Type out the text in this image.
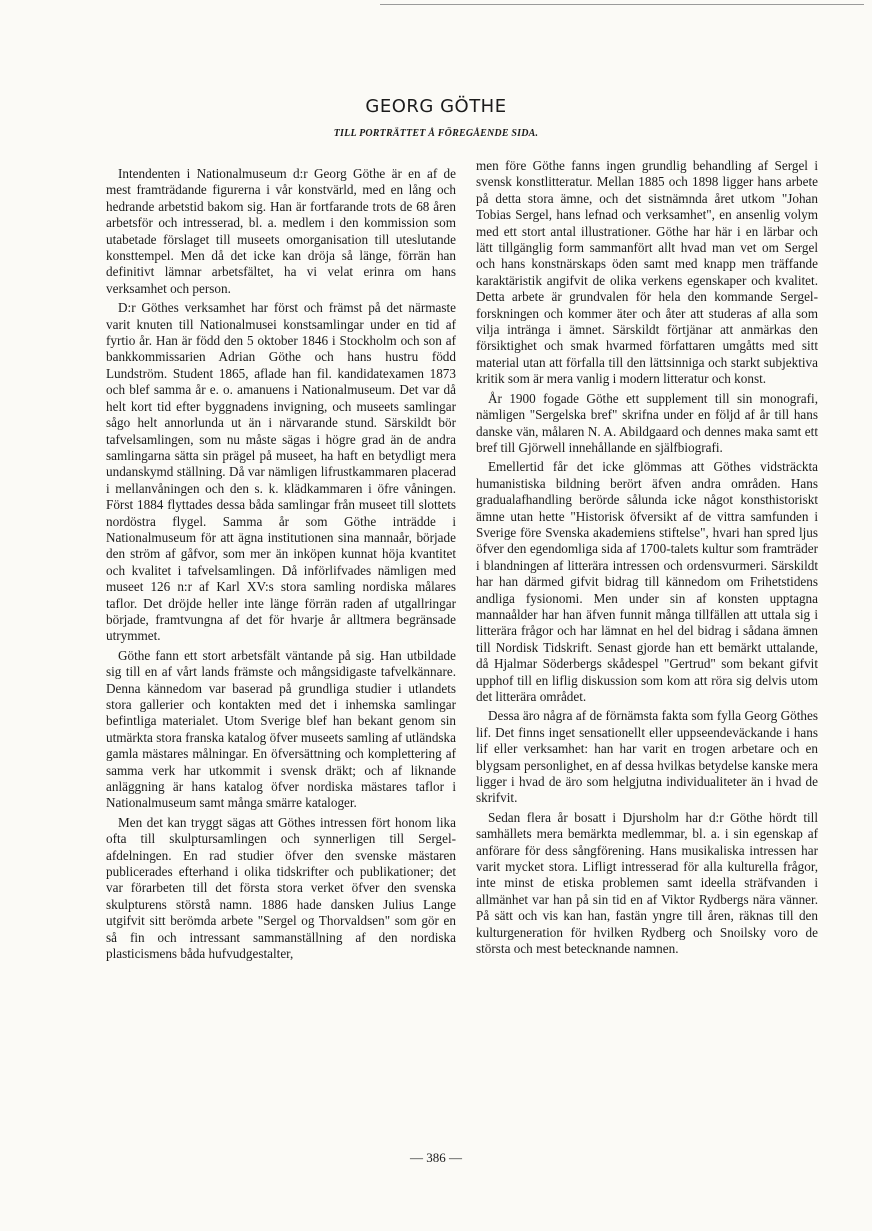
GEORG GÖTHE
TILL PORTRÄTTET Å FÖREGÅENDE SIDA.

Intendenten i Nationalmuseum d:r Georg Göthe är en af de mest framträdande figurerna i vår konstvärld, med en lång och hedrande arbetstid bakom sig. Han är fortfarande trots de 68 åren arbetsför och intresserad, bl. a. medlem i den kommission som utabetade förslaget till museets omorganisation till uteslutande konsttempel. Men då det icke kan dröja så länge, förrän han definitivt lämnar arbetsfältet, ha vi velat erinra om hans verksamhet och person.

D:r Göthes verksamhet har först och främst på det närmaste varit knuten till Nationalmusei konstsamlingar under en tid af fyrtio år. Han är född den 5 oktober 1846 i Stockholm och son af bankkommissarien Adrian Göthe och hans hustru född Lundström. Student 1865, aflade han fil. kandidatexamen 1873 och blef samma år e. o. amanuens i Nationalmuseum. Det var då helt kort tid efter byggnadens invigning, och museets samlingar sågo helt annorlunda ut än i närvarande stund. Särskildt bör tafvelsamlingen, som nu måste sägas i högre grad än de andra samlingarna sätta sin prägel på museet, ha haft en betydligt mera undanskymd ställning. Då var nämligen lifrustkammaren placerad i mellanvåningen och den s. k. klädkammaren i öfre våningen. Först 1884 flyttades dessa båda samlingar från museet till slottets nordöstra flygel. Samma år som Göthe inträdde i Nationalmuseum för att ägna institutionen sina mannaår, började den ström af gåfvor, som mer än inköpen kunnat höja kvantitet och kvalitet i tafvelsamlingen. Då införlifvades nämligen med museet 126 n:r af Karl XV:s stora samling nordiska målares taflor. Det dröjde heller inte länge förrän raden af utgallringar började, framtvungna af det för hvarje år alltmera begränsade utrymmet.

Göthe fann ett stort arbetsfält väntande på sig. Han utbildade sig till en af vårt lands främste och mångsidigaste tafvelkännare. Denna kännedom var baserad på grundliga studier i utlandets stora gallerier och kontakten med det i inhemska samlingar befintliga materialet. Utom Sverige blef han bekant genom sin utmärkta stora franska katalog öfver museets samling af utländska gamla mästares målningar. En öfversättning och komplettering af samma verk har utkommit i svensk dräkt; och af liknande anläggning är hans katalog öfver nordiska mästares taflor i Nationalmuseum samt många smärre kataloger.

Men det kan tryggt sägas att Göthes intressen fört honom lika ofta till skulptursamlingen och synnerligen till Sergel-afdelningen. En rad studier öfver den svenske mästaren publicerades efterhand i olika tidskrifter och publikationer; det var förarbeten till det första stora verket öfver den svenska skulpturens störstå namn. 1886 hade dansken Julius Lange utgifvit sitt berömda arbete "Sergel og Thorvaldsen" som gör en så fin och intressant sammanställning af den nordiska plasticismens båda hufvudgestalter,

men före Göthe fanns ingen grundlig behandling af Sergel i svensk konstlitteratur. Mellan 1885 och 1898 ligger hans arbete på detta stora ämne, och det sistnämnda året utkom "Johan Tobias Sergel, hans lefnad och verksamhet", en ansenlig volym med ett stort antal illustrationer. Göthe har här i en lärbar och lätt tillgänglig form sammanfört allt hvad man vet om Sergel och hans konstnärskaps öden samt med knapp men träffande karaktäristik angifvit de olika verkens egenskaper och kvalitet. Detta arbete är grundvalen för hela den kommande Sergel-forskningen och kommer äter och åter att studeras af alla som vilja intränga i ämnet. Särskildt förtjänar att anmärkas den försiktighet och smak hvarmed författaren umgåtts med sitt material utan att förfalla till den lättsinniga och starkt subjektiva kritik som är mera vanlig i modern litteratur och konst.

År 1900 fogade Göthe ett supplement till sin monografi, nämligen "Sergelska bref" skrifna under en följd af år till hans danske vän, målaren N. A. Abildgaard och dennes maka samt ett bref till Gjörwell innehållande en själfbiografi.

Emellertid får det icke glömmas att Göthes vidsträckta humanistiska bildning berört äfven andra områden. Hans gradualafhandling berörde sålunda icke något konsthistoriskt ämne utan hette "Historisk öfversikt af de vittra samfunden i Sverige före Svenska akademiens stiftelse", hvari han spred ljus öfver den egendomliga sida af 1700-talets kultur som framträder i blandningen af litterära intressen och ordensvurmeri. Särskildt har han därmed gifvit bidrag till kännedom om Frihetstidens andliga fysionomi. Men under sin af konsten upptagna mannaålder har han äfven funnit många tillfällen att uttala sig i litterära frågor och har lämnat en hel del bidrag i sådana ämnen till Nordisk Tidskrift. Senast gjorde han ett bemärkt uttalande, då Hjalmar Söderbergs skådespel "Gertrud" som bekant gifvit upphof till en liflig diskussion som kom att röra sig delvis utom det litterära området.

Dessa äro några af de förnämsta fakta som fylla Georg Göthes lif. Det finns inget sensationellt eller uppseendeväckande i hans lif eller verksamhet: han har varit en trogen arbetare och en blygsam personlighet, en af dessa hvilkas betydelse kanske mera ligger i hvad de äro som helgjutna individualiteter än i hvad de skrifvit.

Sedan flera år bosatt i Djursholm har d:r Göthe hördt till samhällets mera bemärkta medlemmar, bl. a. i sin egenskap af anförare för dess sångförening. Hans musikaliska intressen har varit mycket stora. Lifligt intresserad för alla kulturella frågor, inte minst de etiska problemen samt ideella sträfvanden i allmänhet var han på sin tid en af Viktor Rydbergs nära vänner. På sätt och vis kan han, fastän yngre till åren, räknas till den kulturgeneration för hvilken Rydberg och Snoilsky voro de största och mest betecknande namnen.

— 386 —
